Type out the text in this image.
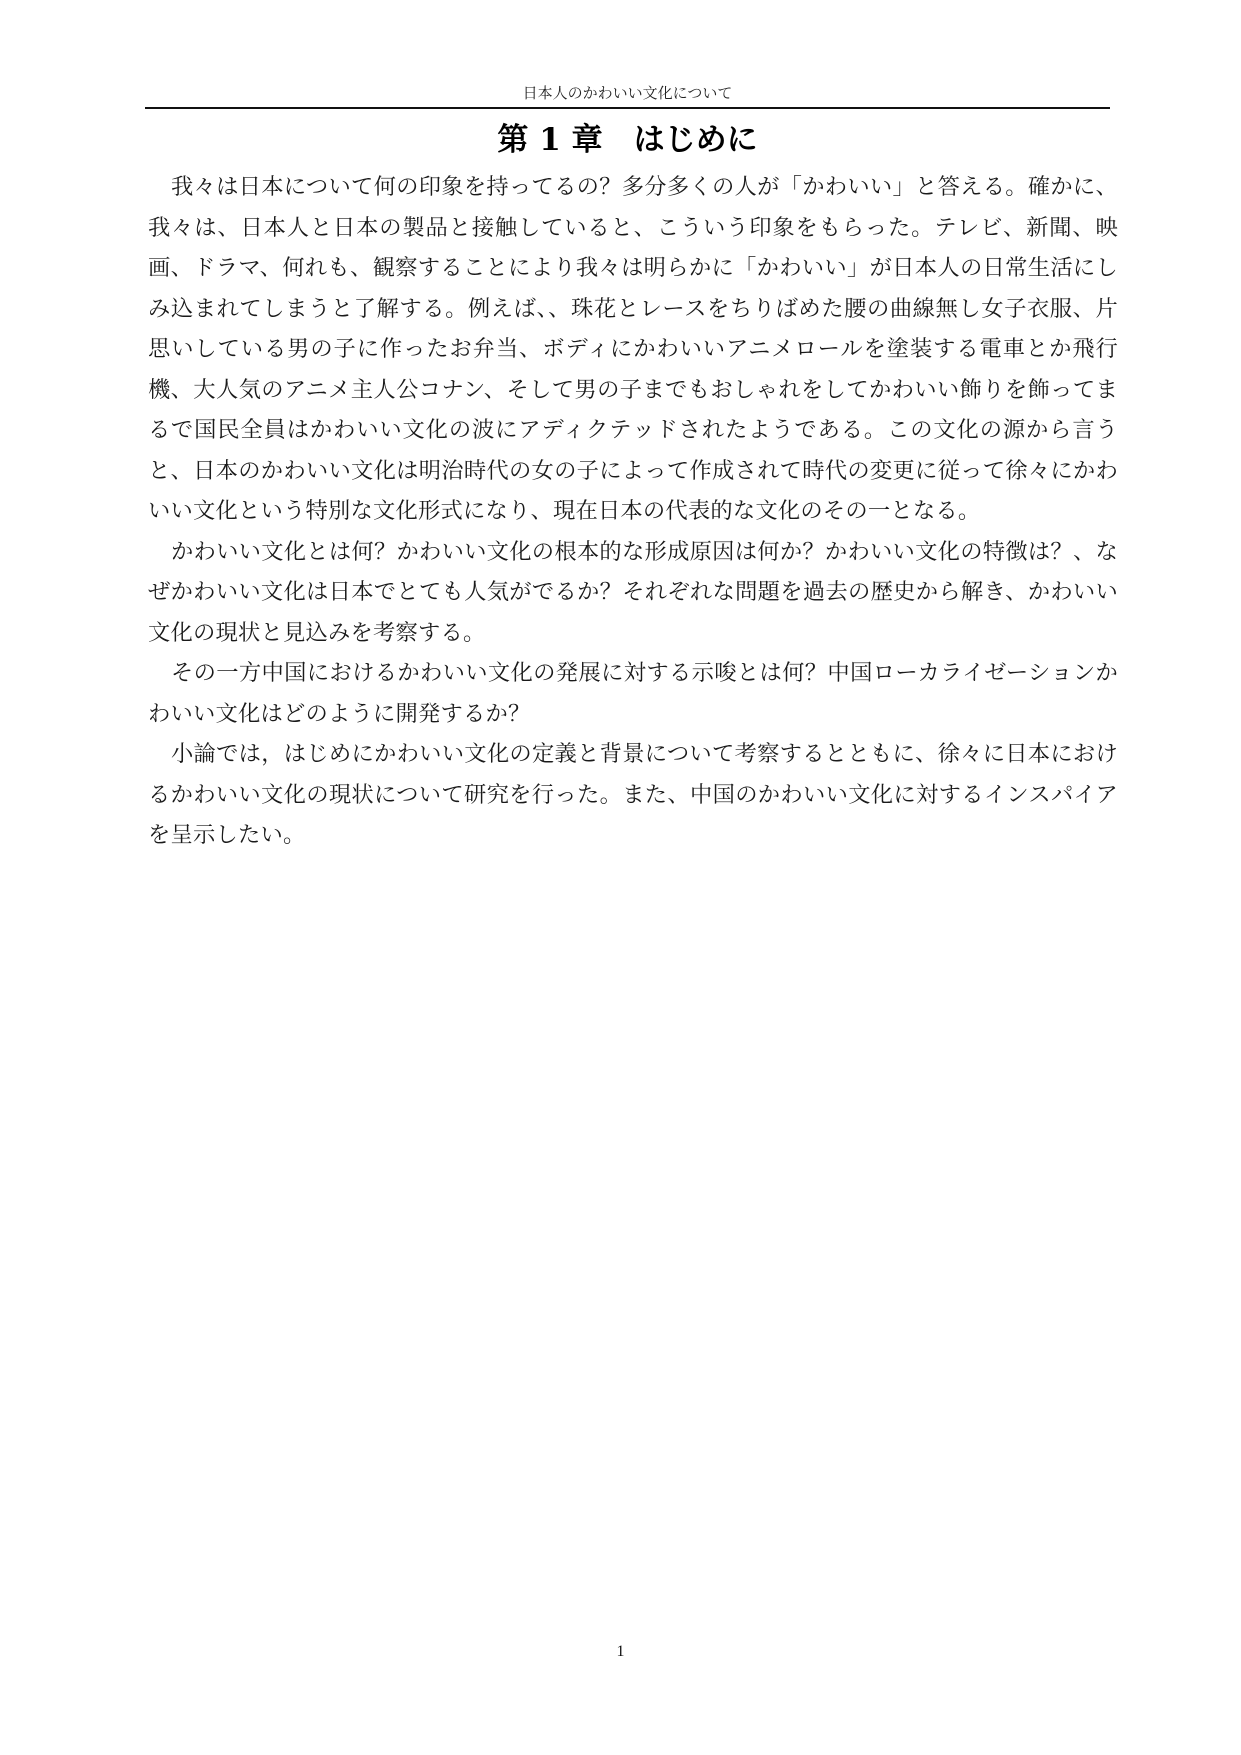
日本人のかわいい文化について
第 1 章　はじめに

我々は日本について何の印象を持ってるの？多分多くの人が「かわいい」と答える。確かに、我々は、日本人と日本の製品と接触していると、こういう印象をもらった。テレビ、新聞、映画、ドラマ、何れも、観察することにより我々は明らかに「かわいい」が日本人の日常生活にしみ込まれてしまうと了解する。例えば、、珠花とレースをちりばめた腰の曲線無し女子衣服、片思いしている男の子に作ったお弁当、ボディにかわいいアニメロールを塗装する電車とか飛行機、大人気のアニメ主人公コナン、そして男の子までもおしゃれをしてかわいい飾りを飾ってまるで国民全員はかわいい文化の波にアディクテッドされたようである。この文化の源から言うと、日本のかわいい文化は明治時代の女の子によって作成されて時代の変更に従って徐々にかわいい文化という特別な文化形式になり、現在日本の代表的な文化のその一となる。

かわいい文化とは何？かわいい文化の根本的な形成原因は何か？かわいい文化の特徴は？、なぜかわいい文化は日本でとても人気がでるか？それぞれな問題を過去の歴史から解き、かわいい文化の現状と見込みを考察する。

その一方中国におけるかわいい文化の発展に対する示唆とは何？中国ローカライゼーションかわいい文化はどのように開発するか？

小論では，はじめにかわいい文化の定義と背景について考察するとともに、徐々に日本におけるかわいい文化の現状について研究を行った。また、中国のかわいい文化に対するインスパイアを呈示したい。

1
